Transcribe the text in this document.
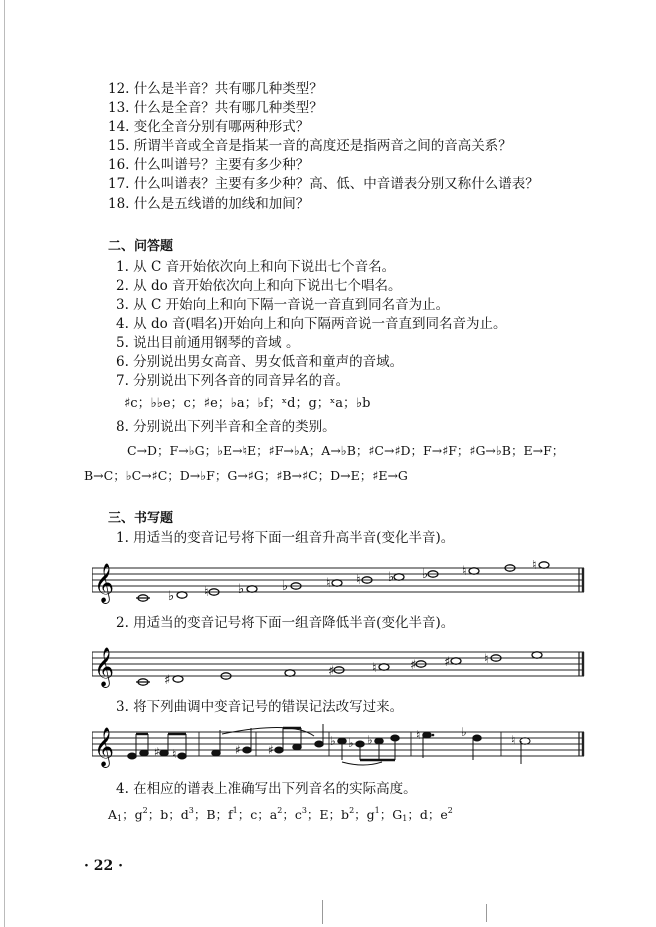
12. 什么是半音？共有哪几种类型？
13. 什么是全音？共有哪几种类型？
14. 变化全音分别有哪两种形式？
15. 所谓半音或全音是指某一音的高度还是指两音之间的音高关系？
16. 什么叫谱号？主要有多少种？
17. 什么叫谱表？主要有多少种？高、低、中音谱表分别又称什么谱表？
18. 什么是五线谱的加线和加间？
二、问答题
1. 从 C 音开始依次向上和向下说出七个音名。
2. 从 do 音开始依次向上和向下说出七个唱名。
3. 从 C 开始向上和向下隔一音说一音直到同名音为止。
4. 从 do 音(唱名)开始向上和向下隔两音说一音直到同名音为止。
5. 说出目前通用钢琴的音域 。
6. 分别说出男女高音、男女低音和童声的音域。
7. 分别说出下列各音的同音异名的音。
♯c；♭♭e；c；♯e；♭a；♭f；ˣd；g；ˣa；♭b
8. 分别说出下列半音和全音的类别。
C→D；F→♭G；♭E→♮E；♯F→♭A；A→♭B；♯C→♯D；F→♯F；♯G→♭B；E→F；
B→C；♭C→♯C；D→♭F；G→♯G；♯B→♯C；D→E；♯E→G
三、书写题
1. 用适当的变音记号将下面一组音升高半音(变化半音)。
𝄞	♭ ♮ ♭	♭	♮ ♮ ♭ ♭	♮	♮
2. 用适当的变音记号将下面一组音降低半音(变化半音)。
𝄞	♯
♯	♮	♯ ♯	♮
3. 将下列曲调中变音记号的错误记法改写过来。
𝄞	♯ ♮	♯ ♯
♭ ♭ ♭	♮	♭
♮
4. 在相应的谱表上准确写出下列音名的实际高度。
$A_1$；$g^2$；b；$d^3$；B；$f^1$；c；$a^2$；$c^3$；E；$b^2$；$g^1$；$G_1$；d；$e^2$
· 22 ·
